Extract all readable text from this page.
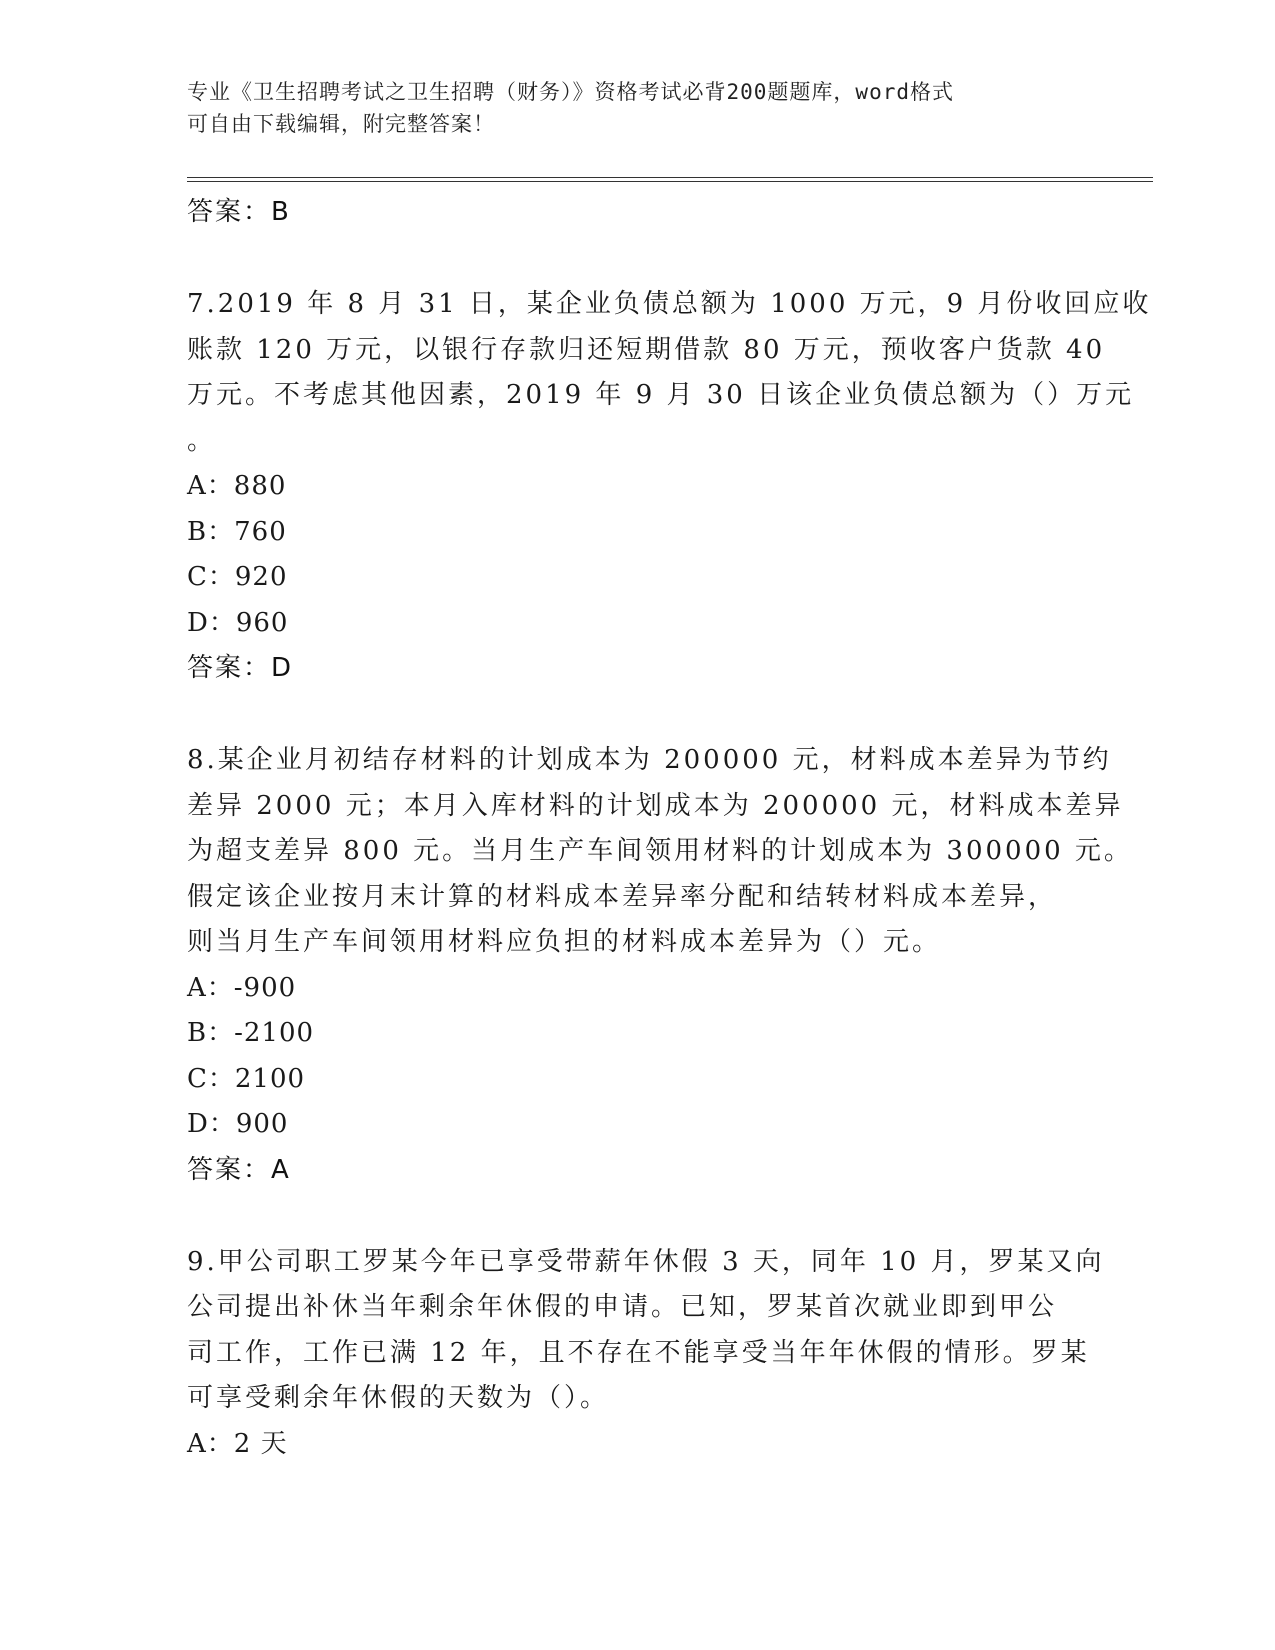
专业《卫生招聘考试之卫生招聘（财务）》资格考试必背200题题库，word格式
可自由下载编辑，附完整答案！
答案：B

7.2019 年 8 月 31 日，某企业负债总额为 1000 万元，9 月份收回应收
账款 120 万元，以银行存款归还短期借款 80 万元，预收客户货款 40
万元。不考虑其他因素，2019 年 9 月 30 日该企业负债总额为（）万元
。

A：880
B：760
C：920
D：960
答案：D

8.某企业月初结存材料的计划成本为 200000 元，材料成本差异为节约
差异 2000 元；本月入库材料的计划成本为 200000 元，材料成本差异
为超支差异 800 元。当月生产车间领用材料的计划成本为 300000 元。
假定该企业按月末计算的材料成本差异率分配和结转材料成本差异，
则当月生产车间领用材料应负担的材料成本差异为（）元。

A：-900
B：-2100
C：2100
D：900
答案：A

9.甲公司职工罗某今年已享受带薪年休假 3 天，同年 10 月，罗某又向
公司提出补休当年剩余年休假的申请。已知，罗某首次就业即到甲公
司工作，工作已满 12 年，且不存在不能享受当年年休假的情形。罗某
可享受剩余年休假的天数为（）。

A：2 天
